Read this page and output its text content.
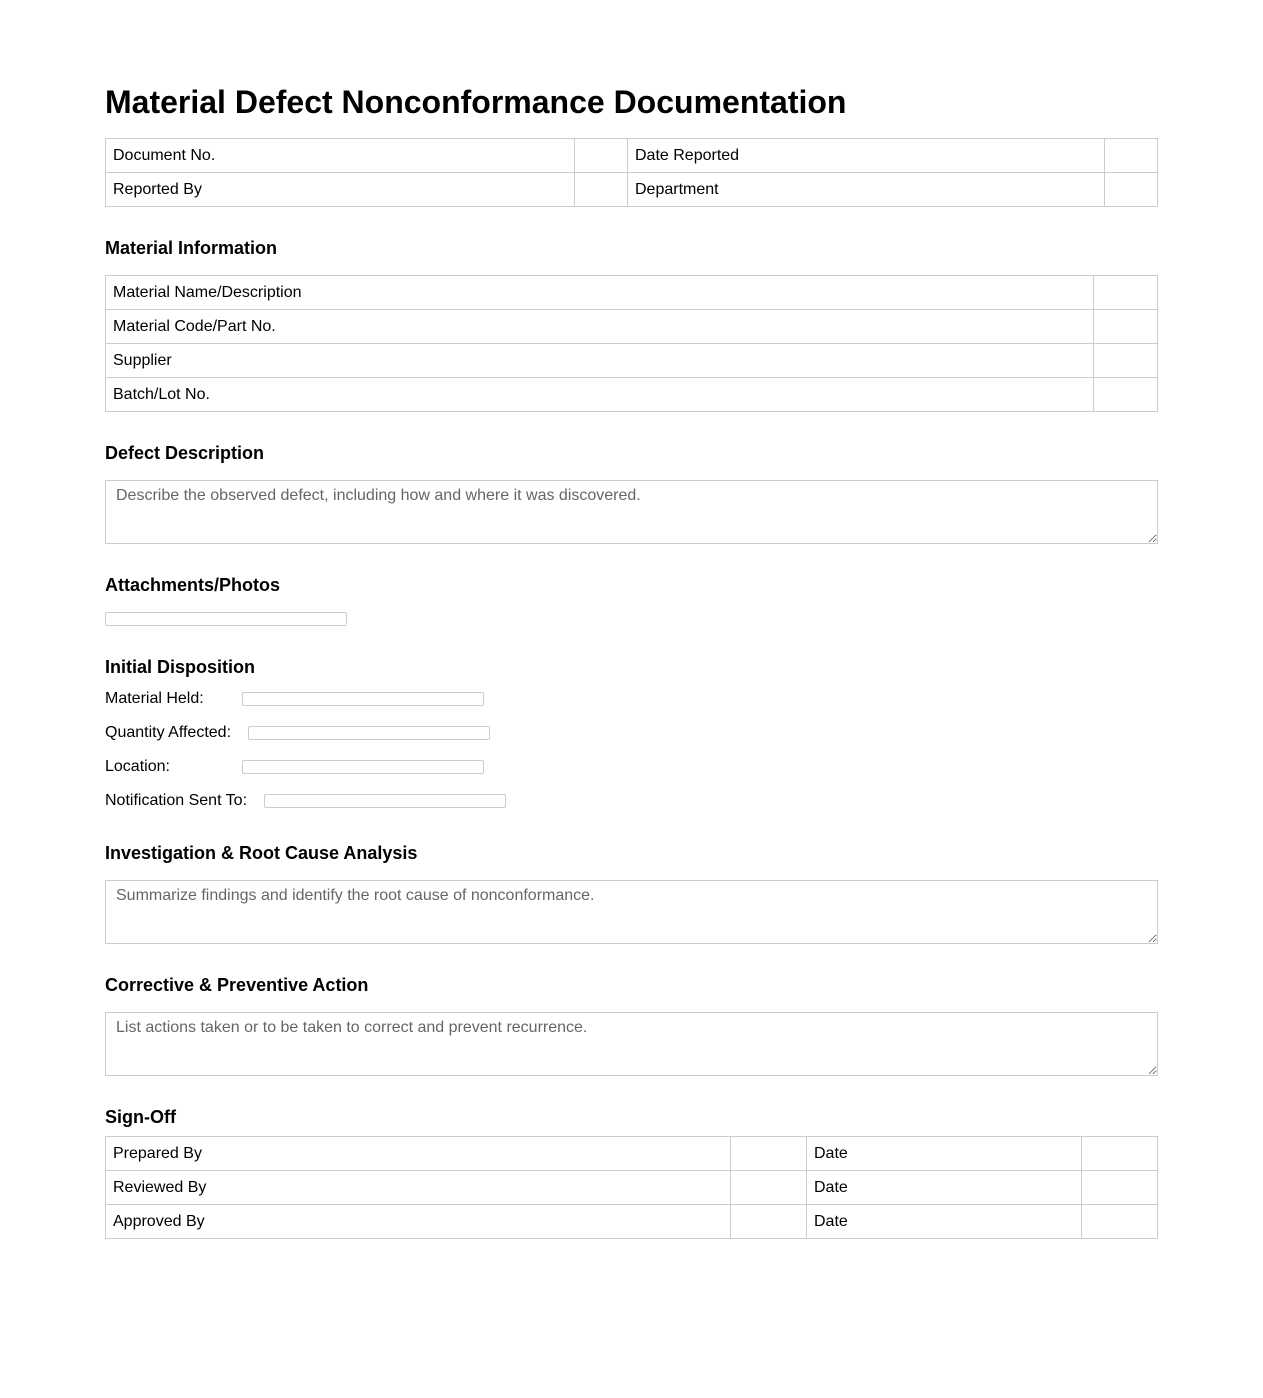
Material Defect Nonconformance Documentation
Document No.		Date Reported	
Reported By		Department	
Material Information
Material Name/Description	
Material Code/Part No.	
Supplier	
Batch/Lot No.	
Defect Description
Describe the observed defect, including how and where it was discovered.
Attachments/Photos
Initial Disposition
Material Held:
Quantity Affected:
Location:
Notification Sent To:
Investigation & Root Cause Analysis
Summarize findings and identify the root cause of nonconformance.
Corrective & Preventive Action
List actions taken or to be taken to correct and prevent recurrence.
Sign-Off
Prepared By		Date	
Reviewed By		Date	
Approved By		Date	
